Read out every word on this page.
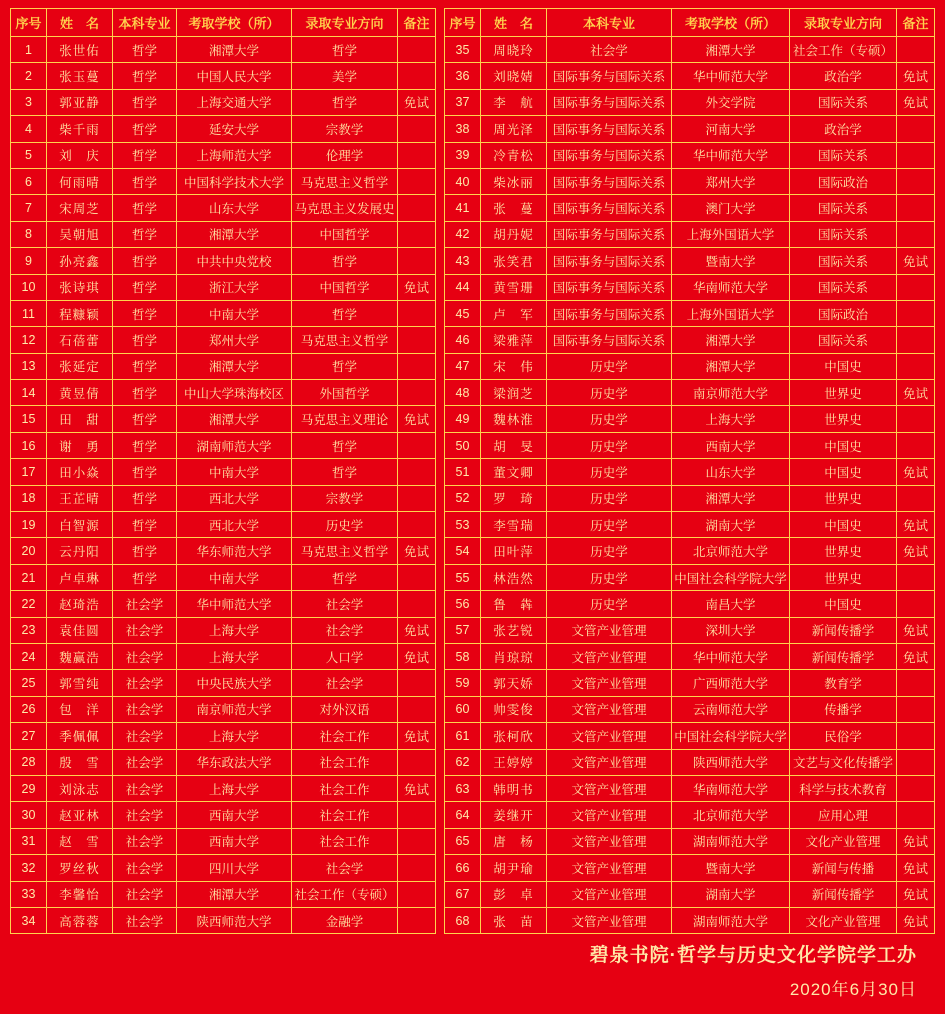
序号	姓　名	本科专业	考取学校（所）	录取专业方向	备注
1	张世佑	哲学	湘潭大学	哲学	
2	张玉蔓	哲学	中国人民大学	美学	
3	郭亚静	哲学	上海交通大学	哲学	免试
4	柴千雨	哲学	延安大学	宗教学	
5	刘　庆	哲学	上海师范大学	伦理学	
6	何雨晴	哲学	中国科学技术大学	马克思主义哲学	
7	宋周芝	哲学	山东大学	马克思主义发展史	
8	吴朝旭	哲学	湘潭大学	中国哲学	
9	孙亮鑫	哲学	中共中央党校	哲学	
10	张诗琪	哲学	浙江大学	中国哲学	免试
11	程糠颖	哲学	中南大学	哲学	
12	石蓓蕾	哲学	郑州大学	马克思主义哲学	
13	张延定	哲学	湘潭大学	哲学	
14	黄昱倩	哲学	中山大学珠海校区	外国哲学	
15	田　甜	哲学	湘潭大学	马克思主义理论	免试
16	谢　勇	哲学	湖南师范大学	哲学	
17	田小焱	哲学	中南大学	哲学	
18	王芷晴	哲学	西北大学	宗教学	
19	白智源	哲学	西北大学	历史学	
20	云丹阳	哲学	华东师范大学	马克思主义哲学	免试
21	卢卓琳	哲学	中南大学	哲学	
22	赵琦浩	社会学	华中师范大学	社会学	
23	袁佳圆	社会学	上海大学	社会学	免试
24	魏赢浩	社会学	上海大学	人口学	免试
25	郭雪纯	社会学	中央民族大学	社会学	
26	包　洋	社会学	南京师范大学	对外汉语	
27	季佩佩	社会学	上海大学	社会工作	免试
28	殷　雪	社会学	华东政法大学	社会工作	
29	刘泳志	社会学	上海大学	社会工作	免试
30	赵亚林	社会学	西南大学	社会工作	
31	赵　雪	社会学	西南大学	社会工作	
32	罗丝秋	社会学	四川大学	社会学	
33	李馨怡	社会学	湘潭大学	社会工作（专硕）	
34	高蓉蓉	社会学	陕西师范大学	金融学	
序号	姓　名	本科专业	考取学校（所）	录取专业方向	备注
35	周晓玲	社会学	湘潭大学	社会工作（专硕）	
36	刘晓婧	国际事务与国际关系	华中师范大学	政治学	免试
37	李　航	国际事务与国际关系	外交学院	国际关系	免试
38	周光泽	国际事务与国际关系	河南大学	政治学	
39	冷青松	国际事务与国际关系	华中师范大学	国际关系	
40	柴冰丽	国际事务与国际关系	郑州大学	国际政治	
41	张　蔓	国际事务与国际关系	澳门大学	国际关系	
42	胡丹妮	国际事务与国际关系	上海外国语大学	国际关系	
43	张笑君	国际事务与国际关系	暨南大学	国际关系	免试
44	黄雪珊	国际事务与国际关系	华南师范大学	国际关系	
45	卢　军	国际事务与国际关系	上海外国语大学	国际政治	
46	梁雅萍	国际事务与国际关系	湘潭大学	国际关系	
47	宋　伟	历史学	湘潭大学	中国史	
48	梁润芝	历史学	南京师范大学	世界史	免试
49	魏林淮	历史学	上海大学	世界史	
50	胡　旻	历史学	西南大学	中国史	
51	董文卿	历史学	山东大学	中国史	免试
52	罗　琦	历史学	湘潭大学	世界史	
53	李雪瑞	历史学	湖南大学	中国史	免试
54	田叶萍	历史学	北京师范大学	世界史	免试
55	林浩然	历史学	中国社会科学院大学	世界史	
56	鲁　犇	历史学	南昌大学	中国史	
57	张艺锐	文管产业管理	深圳大学	新闻传播学	免试
58	肖琼琼	文管产业管理	华中师范大学	新闻传播学	免试
59	郭天娇	文管产业管理	广西师范大学	教育学	
60	帅雯俊	文管产业管理	云南师范大学	传播学	
61	张柯欣	文管产业管理	中国社会科学院大学	民俗学	
62	王婷婷	文管产业管理	陕西师范大学	文艺与文化传播学	
63	韩明书	文管产业管理	华南师范大学	科学与技术教育	
64	姜继开	文管产业管理	北京师范大学	应用心理	
65	唐　杨	文管产业管理	湖南师范大学	文化产业管理	免试
66	胡尹瑜	文管产业管理	暨南大学	新闻与传播	免试
67	彭　卓	文管产业管理	湖南大学	新闻传播学	免试
68	张　苗	文管产业管理	湖南师范大学	文化产业管理	免试
碧泉书院·哲学与历史文化学院学工办
2020年6月30日
